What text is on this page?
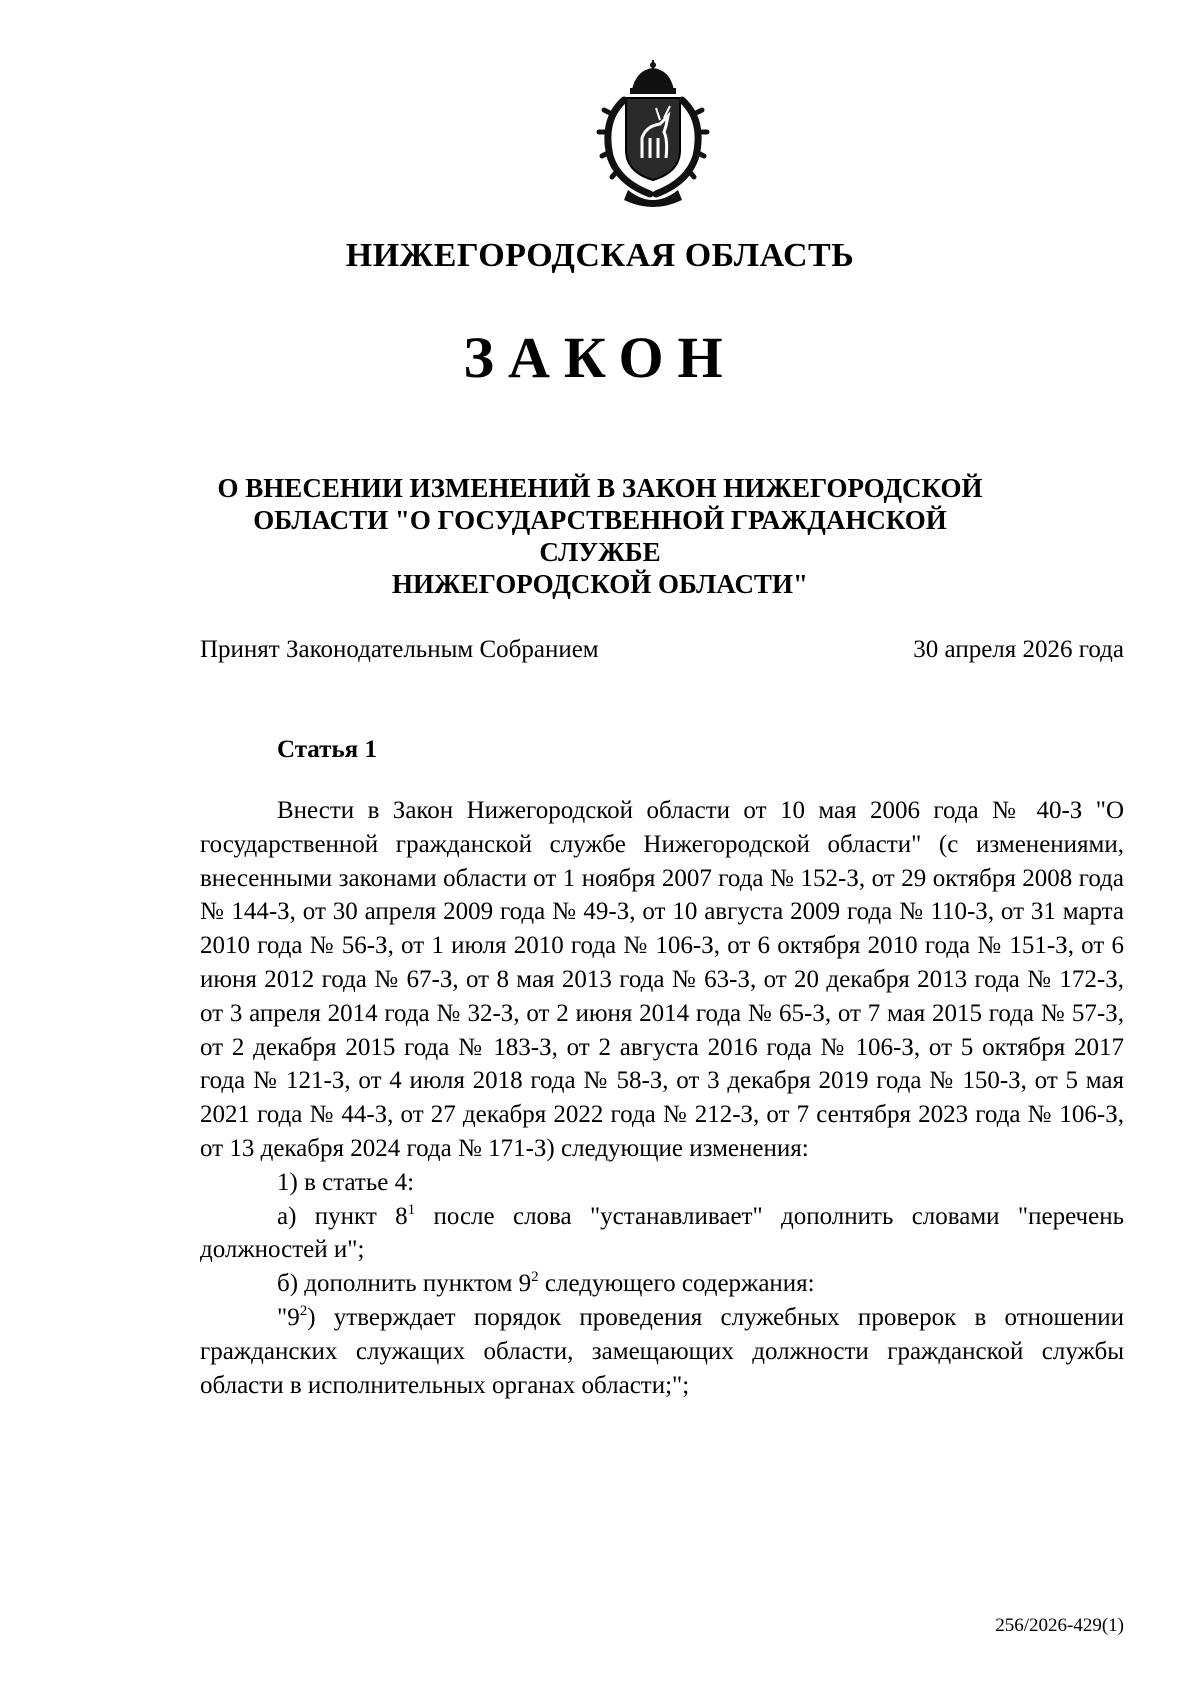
НИЖЕГОРОДСКАЯ ОБЛАСТЬ
ЗАКОН
О ВНЕСЕНИИ ИЗМЕНЕНИЙ В ЗАКОН НИЖЕГОРОДСКОЙ
ОБЛАСТИ "О ГОСУДАРСТВЕННОЙ ГРАЖДАНСКОЙ СЛУЖБЕ
НИЖЕГОРОДСКОЙ ОБЛАСТИ"
Принят Законодательным Собранием	30 апреля 2026 года
Статья 1

Внести в Закон Нижегородской области от 10 мая 2006 года № 40-З "О государственной гражданской службе Нижегородской области" (с изменениями, внесенными законами области от 1 ноября 2007 года № 152-З, от 29 октября 2008 года № 144-З, от 30 апреля 2009 года № 49-З, от 10 августа 2009 года № 110-З, от 31 марта 2010 года № 56-З, от 1 июля 2010 года № 106-З, от 6 октября 2010 года № 151-З, от 6 июня 2012 года № 67-З, от 8 мая 2013 года № 63-З, от 20 декабря 2013 года № 172-З, от 3 апреля 2014 года № 32-З, от 2 июня 2014 года № 65-З, от 7 мая 2015 года № 57-З, от 2 декабря 2015 года № 183-З, от 2 августа 2016 года № 106-З, от 5 октября 2017 года № 121-З, от 4 июля 2018 года № 58-З, от 3 декабря 2019 года № 150-З, от 5 мая 2021 года № 44-З, от 27 декабря 2022 года № 212-З, от 7 сентября 2023 года № 106-З, от 13 декабря 2024 года № 171-З) следующие изменения:

1) в статье 4:

а) пункт $8^1$ после слова "устанавливает" дополнить словами "перечень должностей и";

б) дополнить пунктом $9^2$ следующего содержания:

"$9^2$) утверждает порядок проведения служебных проверок в отношении гражданских служащих области, замещающих должности гражданской службы области в исполнительных органах области;";

256/2026-429(1)
